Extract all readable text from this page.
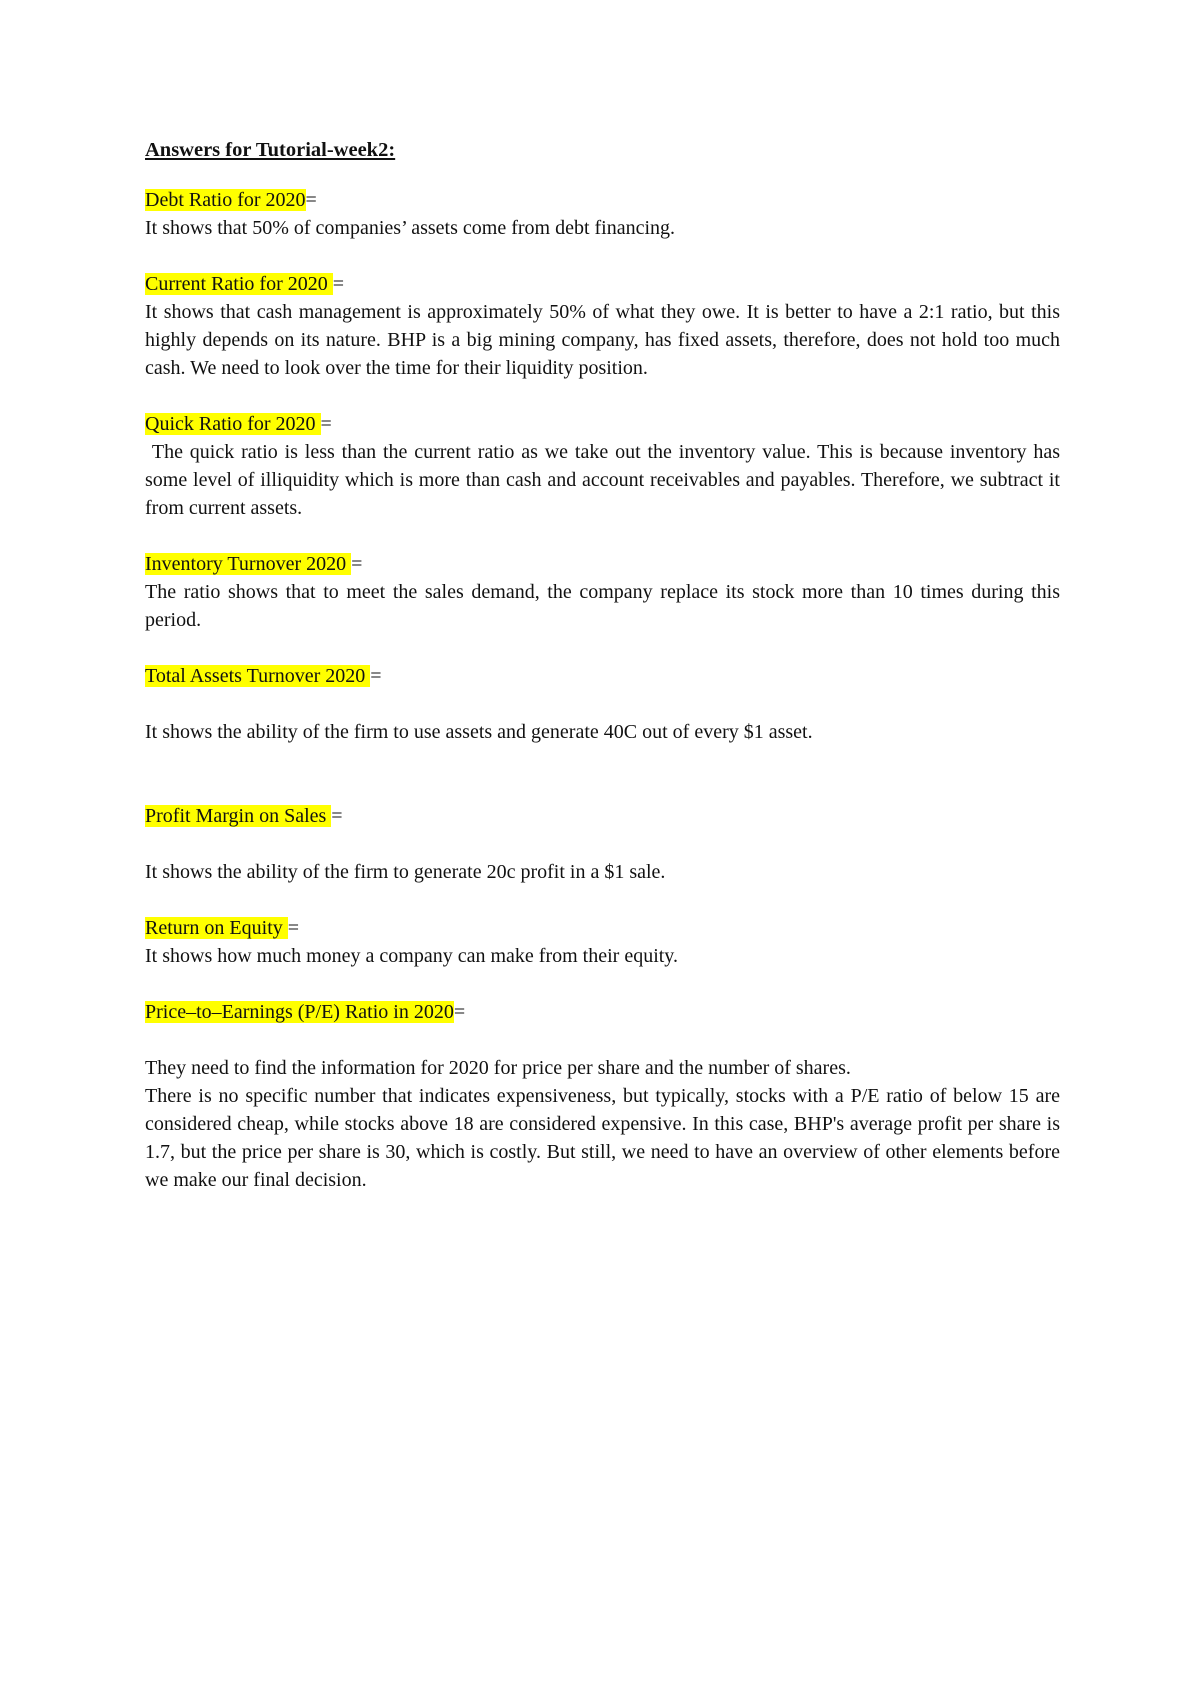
Answers for Tutorial-week2:

Debt Ratio for 2020=

It shows that 50% of companies’ assets come from debt financing.

Current Ratio for 2020 =

It shows that cash management is approximately 50% of what they owe. It is better to have a 2:1 ratio, but this highly depends on its nature. BHP is a big mining company, has fixed assets, therefore, does not hold too much cash. We need to look over the time for their liquidity position.

Quick Ratio for 2020 =

The quick ratio is less than the current ratio as we take out the inventory value. This is because inventory has some level of illiquidity which is more than cash and account receivables and payables. Therefore, we subtract it from current assets.

Inventory Turnover 2020 =

The ratio shows that to meet the sales demand, the company replace its stock more than 10 times during this period.

Total Assets Turnover 2020 =

It shows the ability of the firm to use assets and generate 40C out of every $1 asset.

Profit Margin on Sales =

It shows the ability of the firm to generate 20c profit in a $1 sale.

Return on Equity =

It shows how much money a company can make from their equity.

Price–to–Earnings (P/E) Ratio in 2020=

They need to find the information for 2020 for price per share and the number of shares.

There is no specific number that indicates expensiveness, but typically, stocks with a P/E ratio of below 15 are considered cheap, while stocks above 18 are considered expensive. In this case, BHP's average profit per share is 1.7, but the price per share is 30, which is costly. But still, we need to have an overview of other elements before we make our final decision.
